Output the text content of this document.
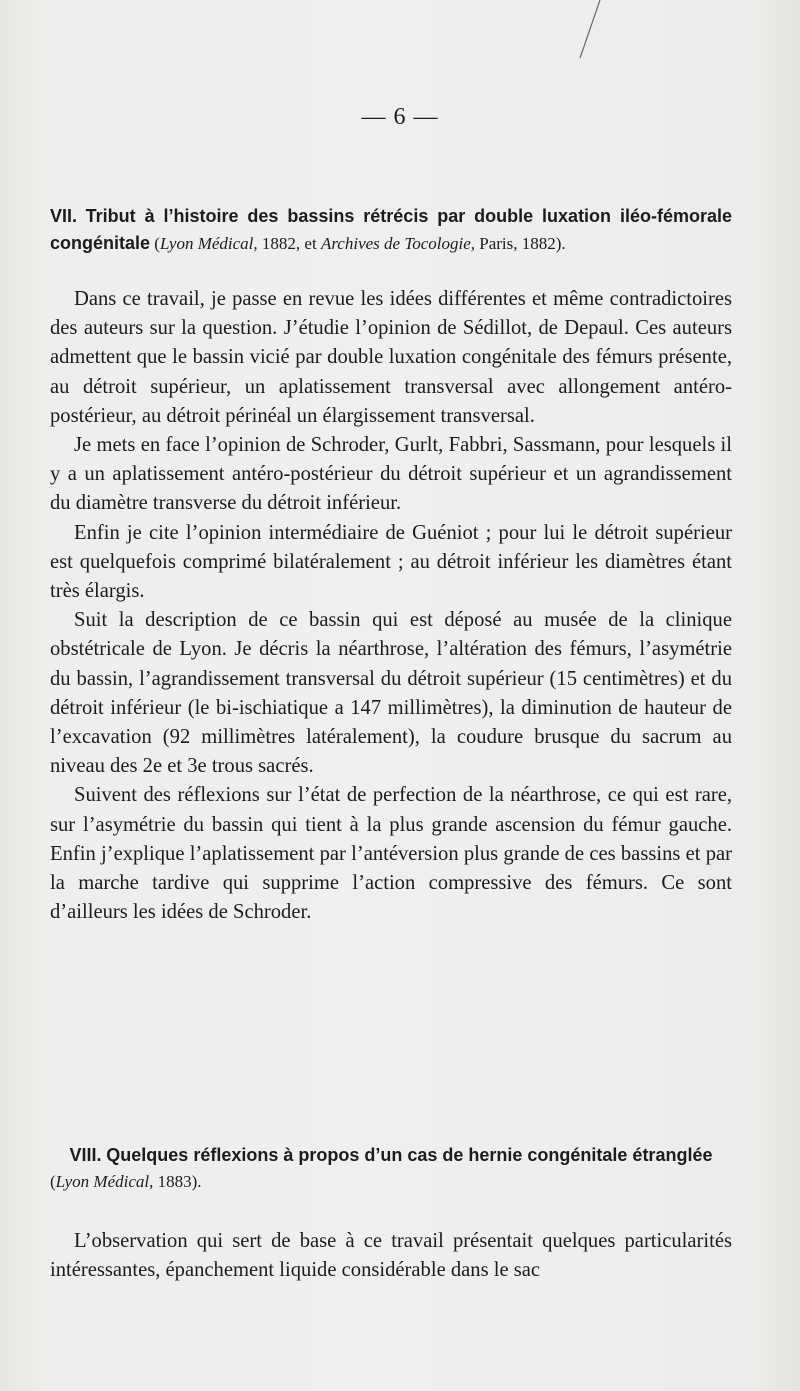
— 6 —
VII. Tribut à l’histoire des bassins rétrécis par double luxation iléo-fémorale congénitale (Lyon Médical, 1882, et Archives de Tocologie, Paris, 1882).

Dans ce travail, je passe en revue les idées différentes et même contradictoires des auteurs sur la question. J’étudie l’opinion de Sédillot, de Depaul. Ces auteurs admettent que le bassin vicié par double luxation congénitale des fémurs présente, au détroit supérieur, un aplatissement transversal avec allongement antéro-postérieur, au détroit périnéal un élargissement transversal.

Je mets en face l’opinion de Schroder, Gurlt, Fabbri, Sassmann, pour lesquels il y a un aplatissement antéro-postérieur du détroit supérieur et un agrandissement du diamètre transverse du détroit inférieur.

Enfin je cite l’opinion intermédiaire de Guéniot ; pour lui le détroit supérieur est quelquefois comprimé bilatéralement ; au détroit inférieur les diamètres étant très élargis.

Suit la description de ce bassin qui est déposé au musée de la clinique obstétricale de Lyon. Je décris la néarthrose, l’altération des fémurs, l’asymétrie du bassin, l’agrandissement transversal du détroit supérieur (15 centimètres) et du détroit inférieur (le bi-ischiatique a 147 millimètres), la diminution de hauteur de l’excavation (92 millimètres latéralement), la coudure brusque du sacrum au niveau des 2e et 3e trous sacrés.

Suivent des réflexions sur l’état de perfection de la néarthrose, ce qui est rare, sur l’asymétrie du bassin qui tient à la plus grande ascension du fémur gauche. Enfin j’explique l’aplatissement par l’antéversion plus grande de ces bassins et par la marche tardive qui supprime l’action compressive des fémurs. Ce sont d’ailleurs les idées de Schroder.

VIII. Quelques réflexions à propos d’un cas de hernie congénitale étranglée (Lyon Médical, 1883).

L’observation qui sert de base à ce travail présentait quelques particularités intéressantes, épanchement liquide considérable dans le sac
